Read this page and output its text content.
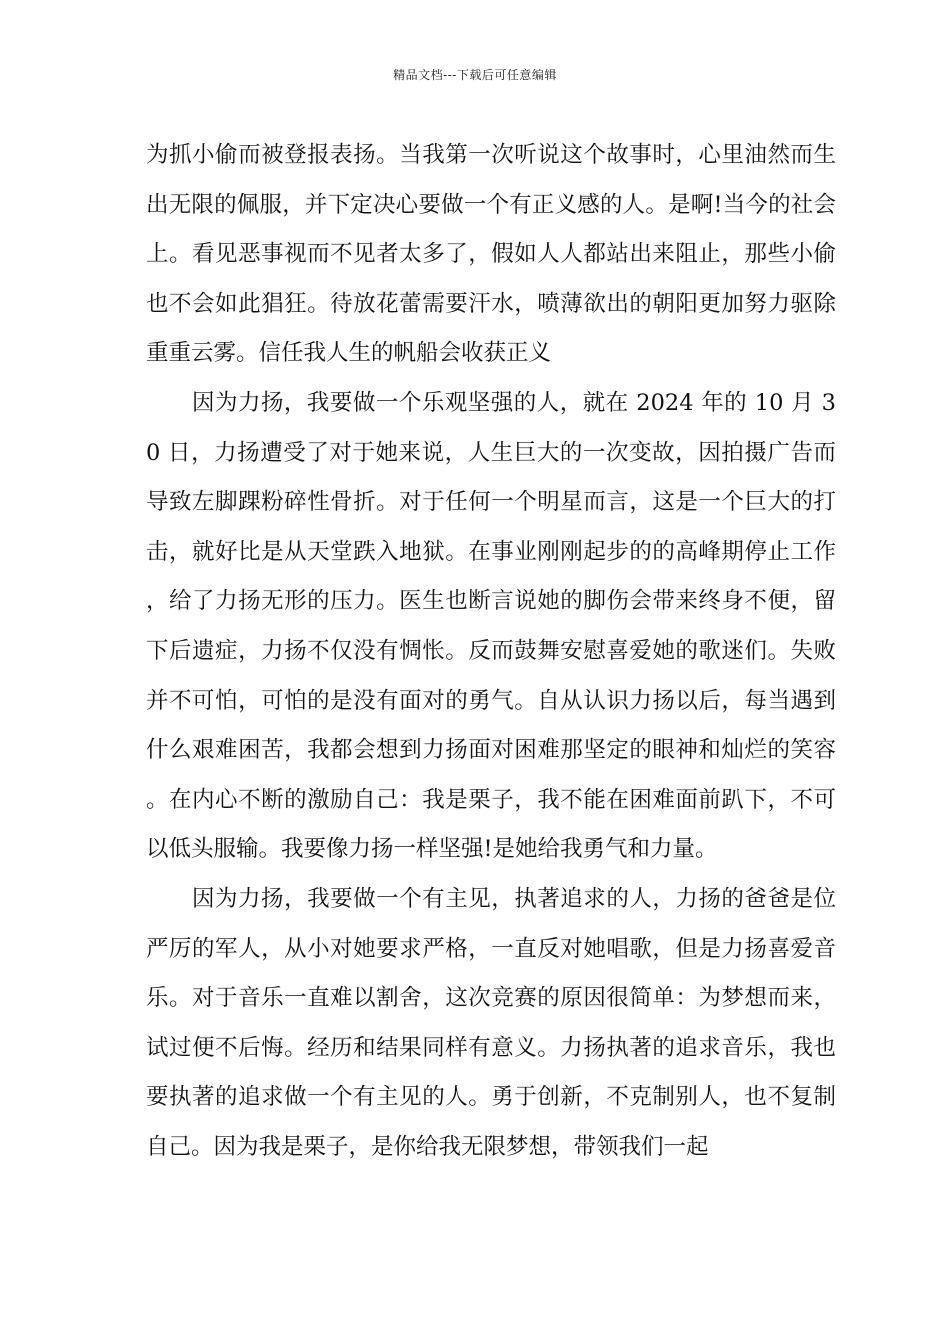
精品文档---下载后可任意编辑

为抓小偷而被登报表扬。当我第一次听说这个故事时，心里油然而生出无限的佩服，并下定决心要做一个有正义感的人。是啊!当今的社会上。看见恶事视而不见者太多了，假如人人都站出来阻止，那些小偷也不会如此猖狂。待放花蕾需要汗水，喷薄欲出的朝阳更加努力驱除重重云雾。信任我人生的帆船会收获正义

因为力扬，我要做一个乐观坚强的人，就在 2024 年的 10 月 30 日，力扬遭受了对于她来说，人生巨大的一次变故，因拍摄广告而导致左脚踝粉碎性骨折。对于任何一个明星而言，这是一个巨大的打击，就好比是从天堂跌入地狱。在事业刚刚起步的的高峰期停止工作，给了力扬无形的压力。医生也断言说她的脚伤会带来终身不便，留下后遗症，力扬不仅没有惆怅。反而鼓舞安慰喜爱她的歌迷们。失败并不可怕，可怕的是没有面对的勇气。自从认识力扬以后，每当遇到什么艰难困苦，我都会想到力扬面对困难那坚定的眼神和灿烂的笑容。在内心不断的激励自己：我是栗子，我不能在困难面前趴下，不可以低头服输。我要像力扬一样坚强!是她给我勇气和力量。

因为力扬，我要做一个有主见，执著追求的人，力扬的爸爸是位严厉的军人，从小对她要求严格，一直反对她唱歌，但是力扬喜爱音乐。对于音乐一直难以割舍，这次竞赛的原因很简单：为梦想而来，试过便不后悔。经历和结果同样有意义。力扬执著的追求音乐，我也要执著的追求做一个有主见的人。勇于创新，不克制别人，也不复制自己。因为我是栗子，是你给我无限梦想，带领我们一起
